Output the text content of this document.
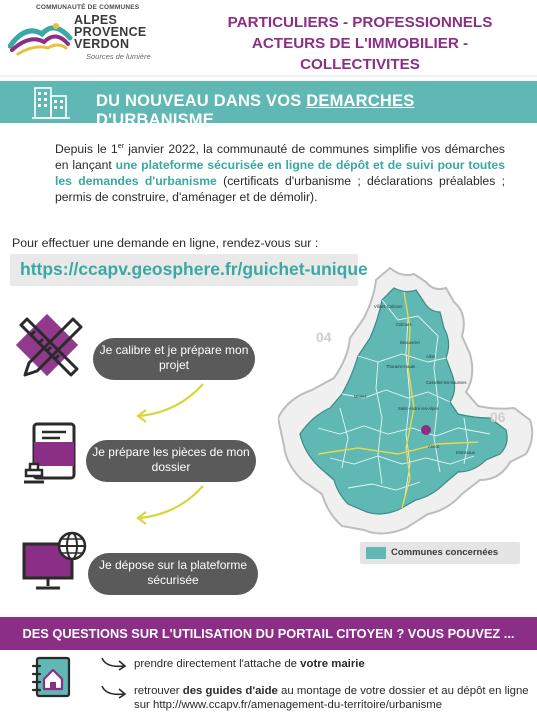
COMMUNAUTÉ DE COMMUNES
ALPES
PROVENCE
VERDON
Sources de lumière
PARTICULIERS - PROFESSIONNELS
ACTEURS DE L'IMMOBILIER - COLLECTIVITES
DU NOUVEAU DANS VOS DEMARCHES D'URBANISME
Depuis le 1er janvier 2022, la communauté de communes simplifie vos démarches en lançant une plateforme sécurisée en ligne de dépôt et de suivi pour toutes les demandes d'urbanisme (certificats d'urbanisme ; déclarations préalables ; permis de construire, d'aménager et de démolir).
Pour effectuer une demande en ligne, rendez-vous sur :
https://ccapv.geosphere.fr/guichet-unique
Je calibre et je prépare mon projet
Je prépare les pièces de mon dossier
Je dépose sur la plateforme sécurisée
04
06
Villars-Colmars
Colmars
Beauvezer
Thorame-Haute
Castellet-les-Sausses
Allos
Saint-André-les-Alpes
Moriez
Annot
Entrevaux
Communes concernées
DES QUESTIONS SUR L'UTILISATION DU PORTAIL CITOYEN ? VOUS POUVEZ ...
prendre directement l'attache de votre mairie
retrouver des guides d'aide au montage de votre dossier et au dépôt en ligne
sur http://www.ccapv.fr/amenagement-du-territoire/urbanisme
